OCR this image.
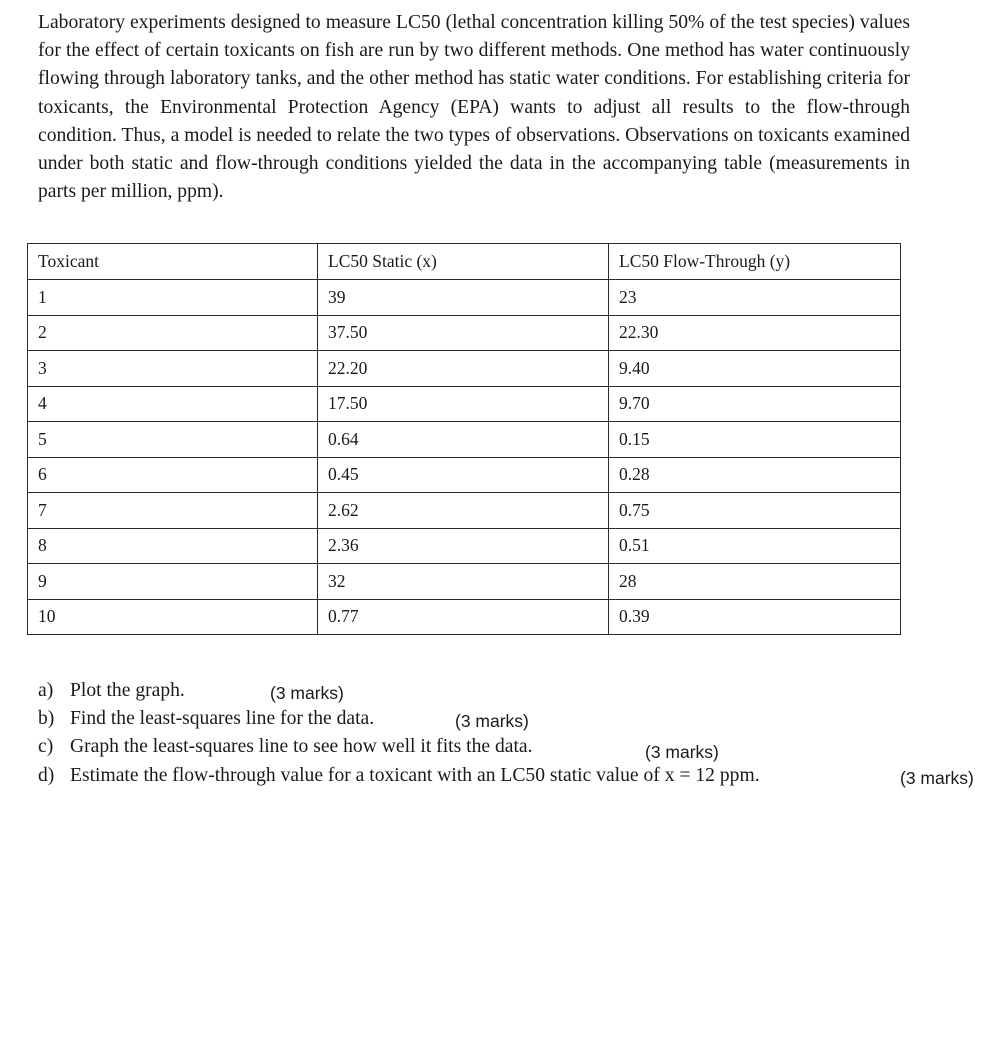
Laboratory experiments designed to measure LC50 (lethal concentration killing 50% of the test species) values for the effect of certain toxicants on fish are run by two different methods. One method has water continuously flowing through laboratory tanks, and the other method has static water conditions. For establishing criteria for toxicants, the Environmental Protection Agency (EPA) wants to adjust all results to the flow-through condition. Thus, a model is needed to relate the two types of observations. Observations on toxicants examined under both static and flow-through conditions yielded the data in the accompanying table (measurements in parts per million, ppm).

Toxicant	LC50 Static (x)	LC50 Flow-Through (y)
1	39	23
2	37.50	22.30
3	22.20	9.40
4	17.50	9.70
5	0.64	0.15
6	0.45	0.28
7	2.62	0.75
8	2.36	0.51
9	32	28
10	0.77	0.39
a) Plot the graph.	(3 marks)
b) Find the least-squares line for the data.	(3 marks)
c) Graph the least-squares line to see how well it fits the data.	(3 marks)
d) Estimate the flow-through value for a toxicant with an LC50 static value of x = 12 ppm.	(3 marks)
